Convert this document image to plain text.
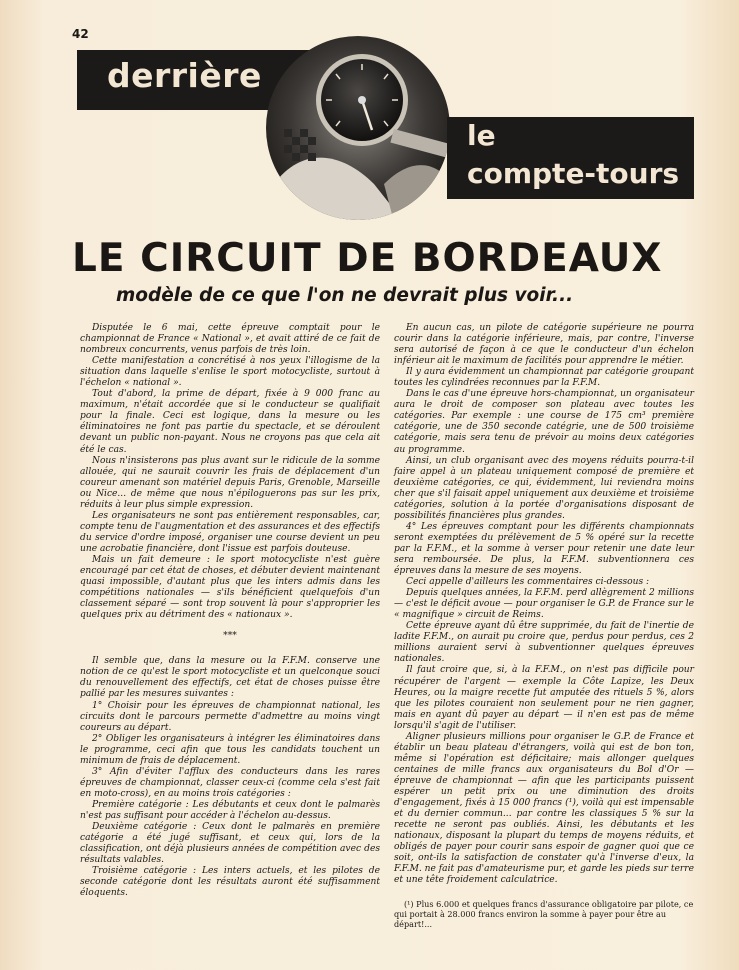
42
derrière
le
compte-tours
LE CIRCUIT DE BORDEAUX
modèle de ce que l'on ne devrait plus voir...

Disputée le 6 mai, cette épreuve comptait pour le championnat de France « National », et avait attiré de ce fait de nombreux concurrents, venus parfois de très loin.

Cette manifestation a concrétisé à nos yeux l'illogisme de la situation dans laquelle s'enlise le sport motocycliste, surtout à l'échelon « national ».

Tout d'abord, la prime de départ, fixée à 9 000 franc au maximum, n'était accordée que si le conducteur se qualifiait pour la finale. Ceci est logique, dans la mesure ou les éliminatoires ne font pas partie du spectacle, et se déroulent devant un public non-payant. Nous ne croyons pas que cela ait été le cas.

Nous n'insisterons pas plus avant sur le ridicule de la somme allouée, qui ne saurait couvrir les frais de déplacement d'un coureur amenant son matériel depuis Paris, Grenoble, Marseille ou Nice... de même que nous n'épiloguerons pas sur les prix, réduits à leur plus simple expression.

Les organisateurs ne sont pas entièrement responsables, car, compte tenu de l'augmentation et des assurances et des effectifs du service d'ordre imposé, organiser une course devient un peu une acrobatie financière, dont l'issue est parfois douteuse.

Mais un fait demeure : le sport motocycliste n'est guère encouragé par cet état de choses, et débuter devient maintenant quasi impossible, d'autant plus que les inters admis dans les compétitions nationales — s'ils bénéficient quelquefois d'un classement séparé — sont trop souvent là pour s'approprier les quelques prix au détriment des « nationaux ».

***

Il semble que, dans la mesure ou la F.F.M. conserve une notion de ce qu'est le sport motocycliste et un quelconque souci du renouvellement des effectifs, cet état de choses puisse être pallié par les mesures suivantes :

1° Choisir pour les épreuves de championnat national, les circuits dont le parcours permette d'admettre au moins vingt coureurs au départ.

2° Obliger les organisateurs à intégrer les éliminatoires dans le programme, ceci afin que tous les candidats touchent un minimum de frais de déplacement.

3° Afin d'éviter l'afflux des conducteurs dans les rares épreuves de championnat, classer ceux-ci (comme cela s'est fait en moto-cross), en au moins trois catégories :

Première catégorie : Les débutants et ceux dont le palmarès n'est pas suffisant pour accéder à l'échelon au-dessus.

Deuxième catégorie : Ceux dont le palmarès en première catégorie a été jugé suffisant, et ceux qui, lors de la classification, ont déjà plusieurs années de compétition avec des résultats valables.

Troisième catégorie : Les inters actuels, et les pilotes de seconde catégorie dont les résultats auront été suffisamment éloquents.

En aucun cas, un pilote de catégorie supérieure ne pourra courir dans la catégorie inférieure, mais, par contre, l'inverse sera autorisé de façon à ce que le conducteur d'un échelon inférieur ait le maximum de facilités pour apprendre le métier.

Il y aura évidemment un championnat par catégorie groupant toutes les cylindrées reconnues par la F.F.M.

Dans le cas d'une épreuve hors-championnat, un organisateur aura le droit de composer son plateau avec toutes les catégories. Par exemple : une course de 175 cm³ première catégorie, une de 350 seconde catégrie, une de 500 troisième catégorie, mais sera tenu de prévoir au moins deux catégories au programme.

Ainsi, un club organisant avec des moyens réduits pourra-t-il faire appel à un plateau uniquement composé de première et deuxième catégories, ce qui, évidemment, lui reviendra moins cher que s'il faisait appel uniquement aux deuxième et troisième catégories, solution à la portée d'organisations disposant de possibilités financières plus grandes.

4° Les épreuves comptant pour les différents championnats seront exemptées du prélèvement de 5 % opéré sur la recette par la F.F.M., et la somme à verser pour retenir une date leur sera remboursée. De plus, la F.F.M. subventionnera ces épreuves dans la mesure de ses moyens.

Ceci appelle d'ailleurs les commentaires ci-dessous :

Depuis quelques années, la F.F.M. perd allègrement 2 millions — c'est le déficit avoue — pour organiser le G.P. de France sur le « magnifique » circuit de Reims.

Cette épreuve ayant dû être supprimée, du fait de l'inertie de ladite F.F.M., on aurait pu croire que, perdus pour perdus, ces 2 millions auraient servi à subventionner quelques épreuves nationales.

Il faut croire que, si, à la F.F.M., on n'est pas difficile pour récupérer de l'argent — exemple la Côte Lapize, les Deux Heures, ou la maigre recette fut amputée des rituels 5 %, alors que les pilotes couraient non seulement pour ne rien gagner, mais en ayant dû payer au départ — il n'en est pas de même lorsqu'il s'agit de l'utiliser.

Aligner plusieurs millions pour organiser le G.P. de France et établir un beau plateau d'étrangers, voilà qui est de bon ton, même si l'opération est déficitaire; mais allonger quelques centaines de mille francs aux organisateurs du Bol d'Or — épreuve de championnat — afin que les participants puissent espérer un petit prix ou une diminution des droits d'engagement, fixés à 15 000 francs (¹), voilà qui est impensable et du dernier commun... par contre les classiques 5 % sur la recette ne seront pas oubliés. Ainsi, les débutants et les nationaux, disposant la plupart du temps de moyens réduits, et obligés de payer pour courir sans espoir de gagner quoi que ce soit, ont-ils la satisfaction de constater qu'à l'inverse d'eux, la F.F.M. ne fait pas d'amateurisme pur, et garde les pieds sur terre et une tête froidement calculatrice.

(¹) Plus 6.000 et quelques francs d'assurance obligatoire par pilote, ce qui portait à 28.000 francs environ la somme à payer pour être au départ!...
